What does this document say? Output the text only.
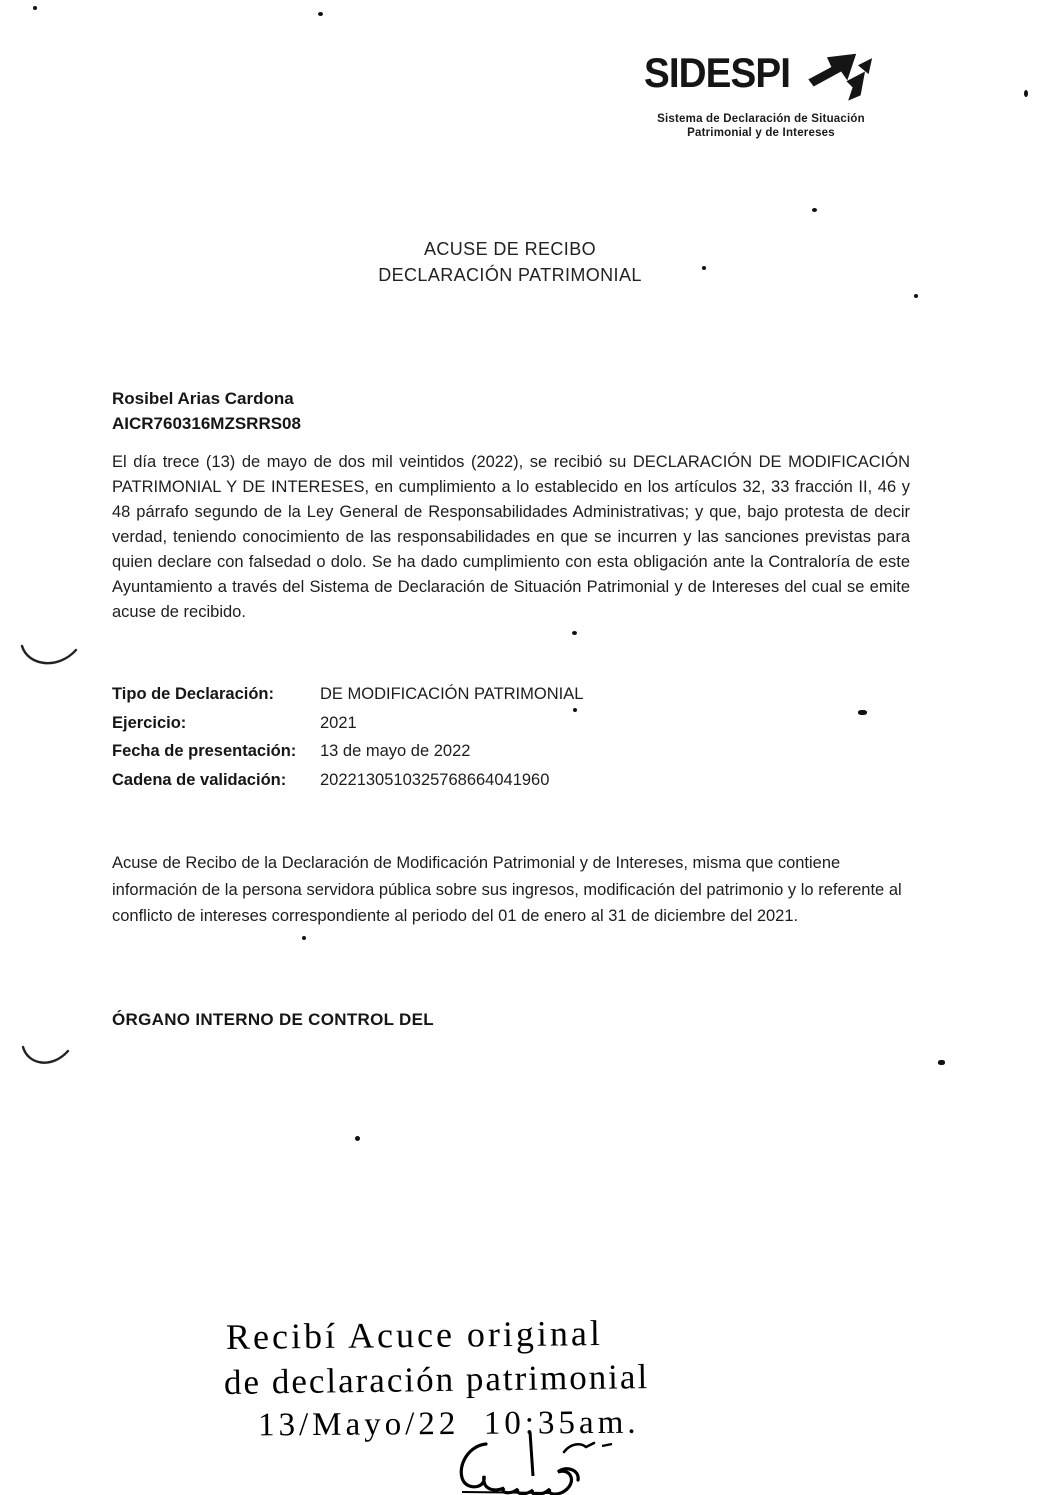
SIDESPI
Sistema de Declaración de Situación
Patrimonial y de Intereses
ACUSE DE RECIBO
DECLARACIÓN PATRIMONIAL
Rosibel Arias Cardona
AICR760316MZSRRS08
El día trece (13) de mayo de dos mil veintidos (2022), se recibió su DECLARACIÓN DE MODIFICACIÓN PATRIMONIAL Y DE INTERESES, en cumplimiento a lo establecido en los artículos 32, 33 fracción II, 46 y 48 párrafo segundo de la Ley General de Responsabilidades Administrativas; y que, bajo protesta de decir verdad, teniendo conocimiento de las responsabilidades en que se incurren y las sanciones previstas para quien declare con falsedad o dolo. Se ha dado cumplimiento con esta obligación ante la Contraloría de este Ayuntamiento a través del Sistema de Declaración de Situación Patrimonial y de Intereses del cual se emite acuse de recibido.
Tipo de Declaración:	DE MODIFICACIÓN PATRIMONIAL
Ejercicio:	2021
Fecha de presentación:	13 de mayo de 2022
Cadena de validación:	2022130510325768664041960
Acuse de Recibo de la Declaración de Modificación Patrimonial y de Intereses, misma que contiene información de la persona servidora pública sobre sus ingresos, modificación del patrimonio y lo referente al conflicto de intereses correspondiente al periodo del 01 de enero al 31 de diciembre del 2021.
ÓRGANO INTERNO DE CONTROL DEL
Recibí Acuce original
de declaración patrimonial
13/Mayo/22  10:35am.
